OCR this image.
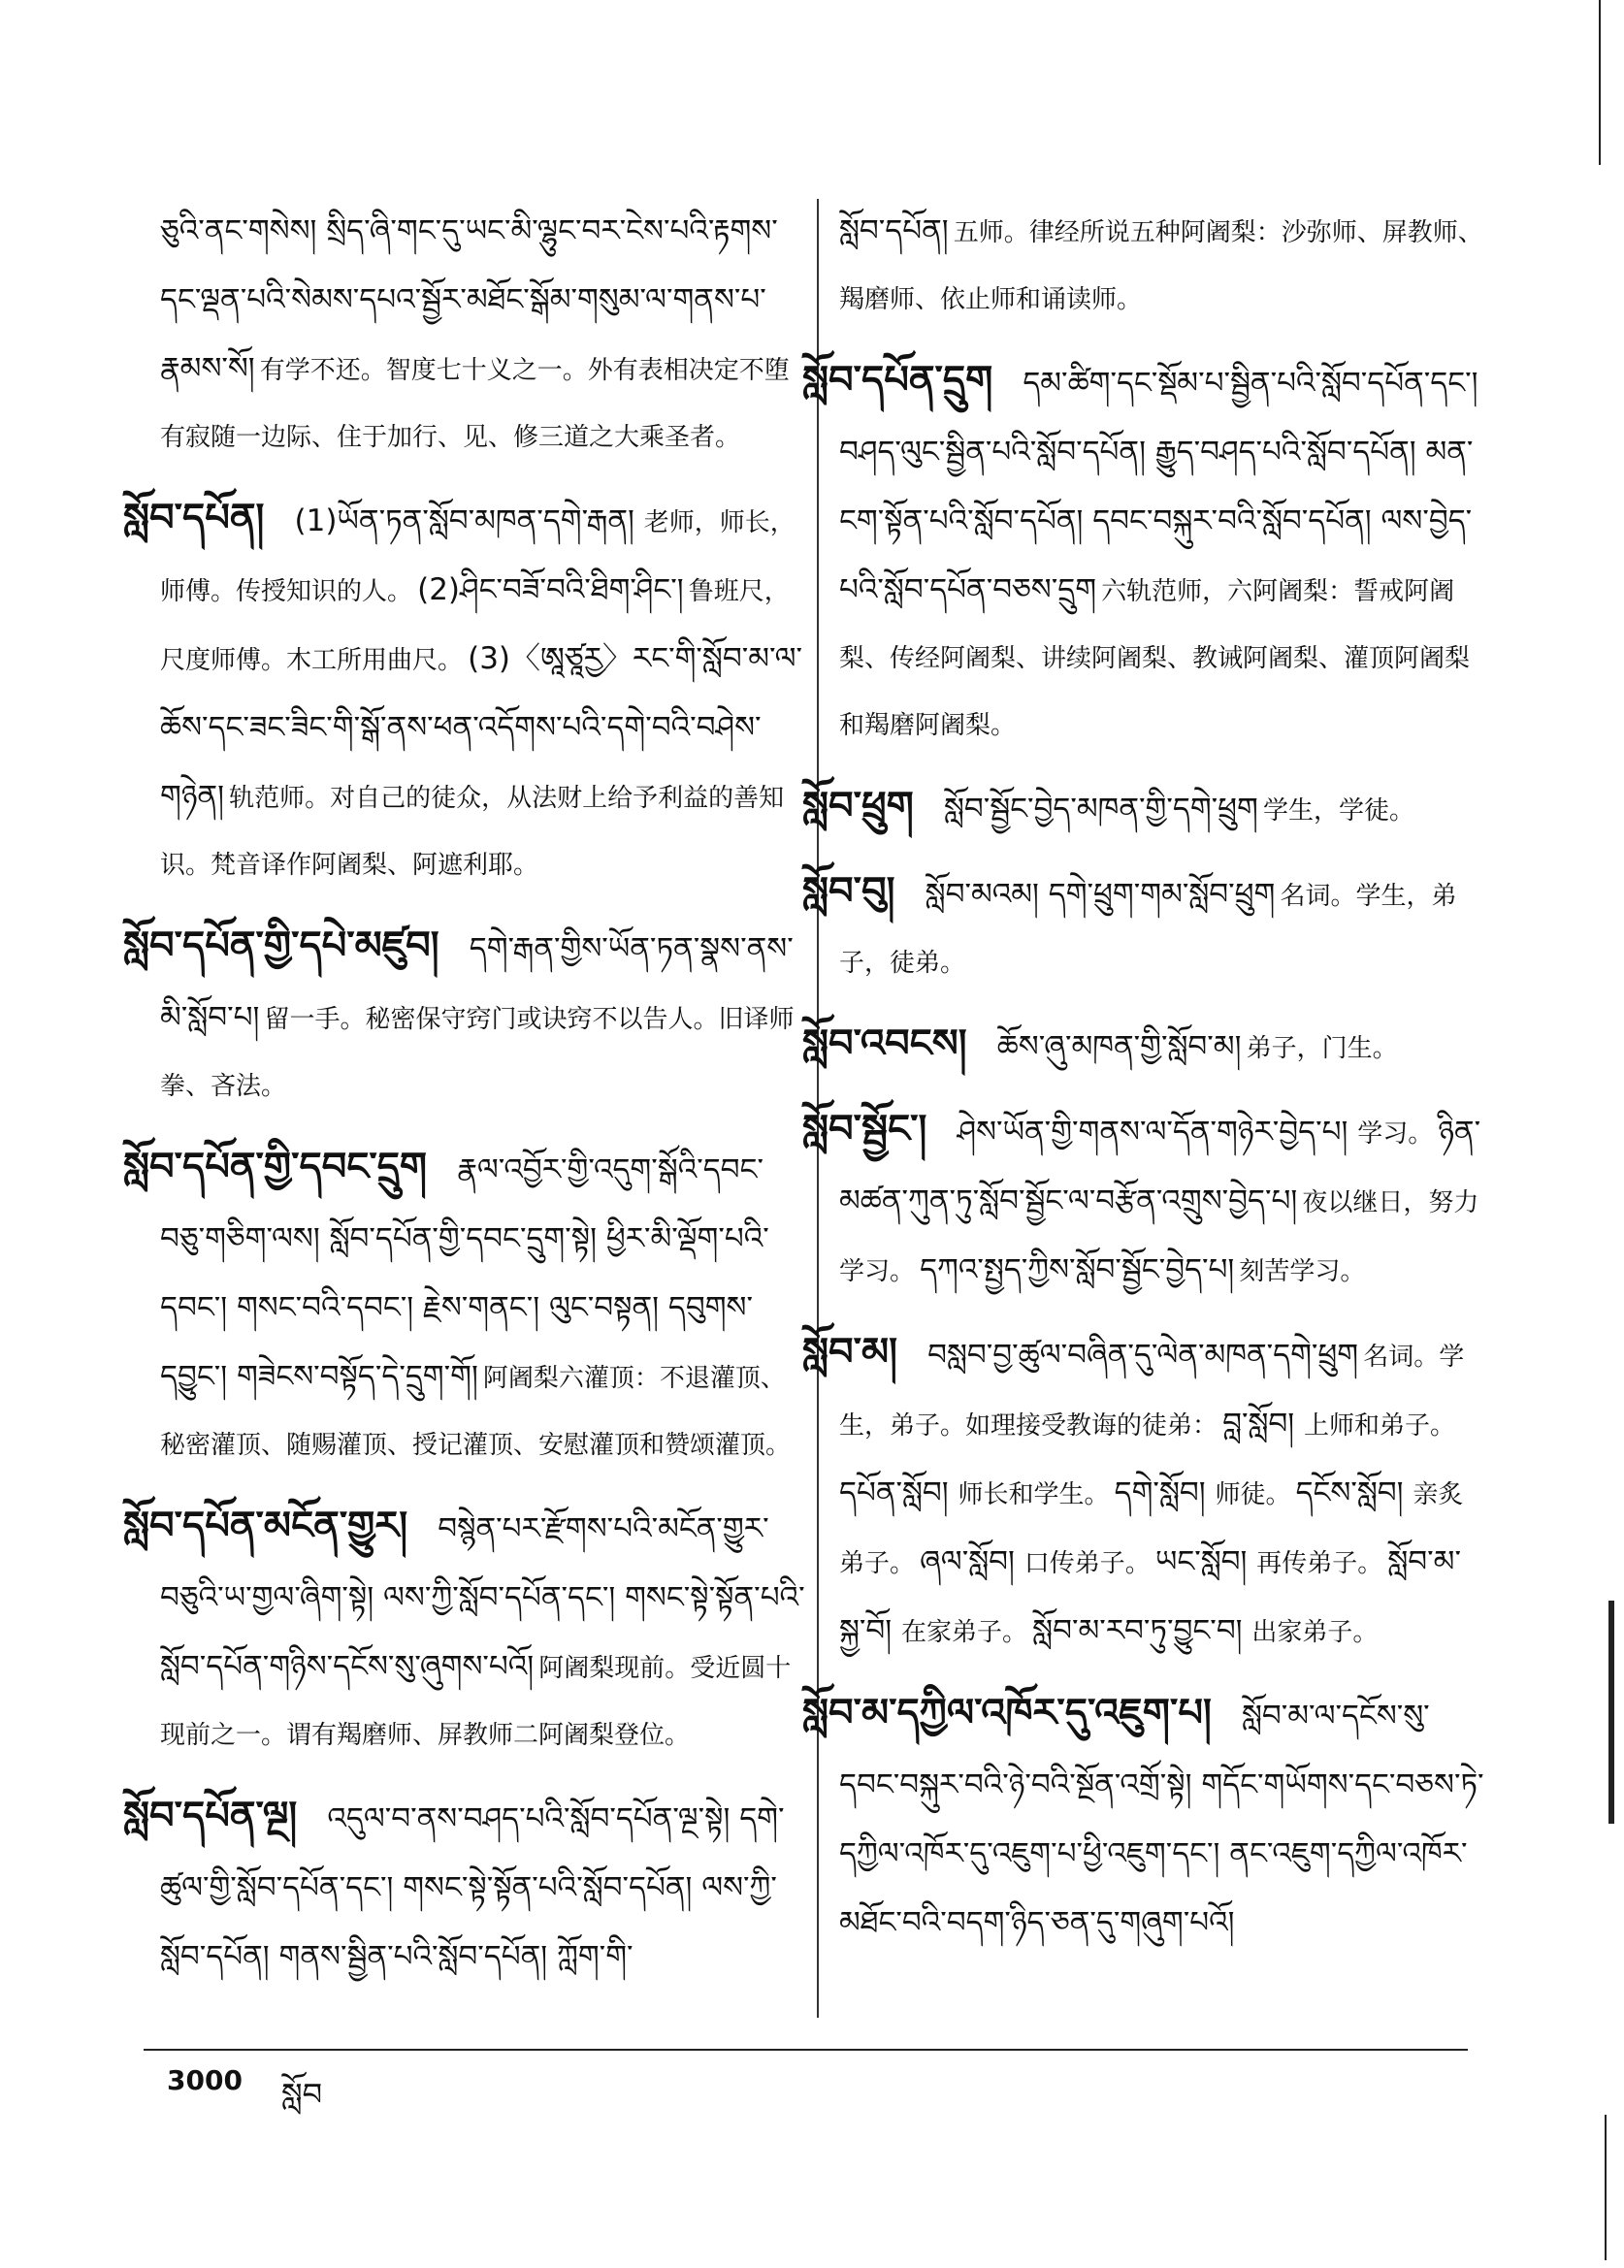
ཅུའི་ནང་གསེས། སྲིད་ཞི་གང་དུ་ཡང་མི་ལྷུང་བར་ངེས་པའི་རྟགས་དང་ལྡན་པའི་སེམས་དཔའ་སྦྱོར་མཐོང་སྒོམ་གསུམ་ལ་གནས་པ་རྣམས་སོ། 有学不还。智度七十义之一。外有表相决定不堕有寂随一边际、住于加行、见、修三道之大乘圣者。
སློབ་དཔོན། (1)ཡོན་ཏན་སློབ་མཁན་དགེ་རྒན། 老师，师长，师傅。传授知识的人。 (2)ཤིང་བཟོ་བའི་ཐིག་ཤིང་། 鲁班尺，尺度师傅。木工所用曲尺。 (3)〈ཨཱཙཱརྱ〉རང་གི་སློབ་མ་ལ་ཆོས་དང་ཟང་ཟིང་གི་སྒོ་ནས་ཕན་འདོགས་པའི་དགེ་བའི་བཤེས་གཉེན། 轨范师。对自己的徒众，从法财上给予利益的善知识。梵音译作阿阇梨、阿遮利耶。
སློབ་དཔོན་གྱི་དཔེ་མཛུབ། དགེ་རྒན་གྱིས་ཡོན་ཏན་སྣས་ནས་མི་སློབ་པ། 留一手。秘密保守窍门或诀窍不以告人。旧译师拳、吝法。
སློབ་དཔོན་གྱི་དབང་དྲུག རྣལ་འབྱོར་གྱི་འདུག་སྒོའི་དབང་བཅུ་གཅིག་ལས། སློབ་དཔོན་གྱི་དབང་དྲུག་སྟེ། ཕྱིར་མི་ལྡོག་པའི་དབང་། གསང་བའི་དབང་། རྗེས་གནང་། ལུང་བསྟན། དབུགས་དབྱུང་། གཟེངས་བསྟོད་དེ་དྲུག་གོ། 阿阇梨六灌顶：不退灌顶、秘密灌顶、随赐灌顶、授记灌顶、安慰灌顶和赞颂灌顶。
སློབ་དཔོན་མངོན་གྱུར། བསྙེན་པར་རྫོགས་པའི་མངོན་གྱུར་བཅུའི་ཡ་གྱལ་ཞིག་སྟེ། ལས་ཀྱི་སློབ་དཔོན་དང་། གསང་སྟེ་སྟོན་པའི་སློབ་དཔོན་གཉིས་དངོས་སུ་ཞུགས་པའོ། 阿阇梨现前。受近圆十现前之一。谓有羯磨师、屏教师二阿阇梨登位。
སློབ་དཔོན་ལྔ། འདུལ་བ་ནས་བཤད་པའི་སློབ་དཔོན་ལྔ་སྟེ། དགེ་ཚུལ་གྱི་སློབ་དཔོན་དང་། གསང་སྟེ་སྟོན་པའི་སློབ་དཔོན། ལས་ཀྱི་སློབ་དཔོན། གནས་སྦྱིན་པའི་སློབ་དཔོན། ཀློག་གི་
སློབ་དཔོན། 五师。律经所说五种阿阇梨：沙弥师、屏教师、羯磨师、依止师和诵读师。
སློབ་དཔོན་དྲུག དམ་ཚིག་དང་སྡོམ་པ་སྦྱིན་པའི་སློབ་དཔོན་དང་། བཤད་ལུང་སྦྱིན་པའི་སློབ་དཔོན། རྒྱུད་བཤད་པའི་སློབ་དཔོན། མན་ངག་སྟོན་པའི་སློབ་དཔོན། དབང་བསྐུར་བའི་སློབ་དཔོན། ལས་བྱེད་པའི་སློབ་དཔོན་བཅས་དྲུག 六轨范师，六阿阇梨：誓戒阿阇梨、传经阿阇梨、讲续阿阇梨、教诫阿阇梨、灌顶阿阇梨和羯磨阿阇梨。
སློབ་ཕྲུག སློབ་སྦྱོང་བྱེད་མཁན་གྱི་དགེ་ཕྲུག 学生，学徒。
སློབ་བུ། སློབ་མའམ། དགེ་ཕྲུག་གམ་སློབ་ཕྲུག 名词。学生，弟子，徒弟。
སློབ་འབངས། ཆོས་ཞུ་མཁན་གྱི་སློབ་མ། 弟子，门生。
སློབ་སྦྱོང་། ཤེས་ཡོན་གྱི་གནས་ལ་དོན་གཉེར་བྱེད་པ། 学习。 ཉིན་མཚན་ཀུན་ཏུ་སློབ་སྦྱོང་ལ་བརྩོན་འགྲུས་བྱེད་པ། 夜以继日，努力学习。 དཀའ་སྤྱད་ཀྱིས་སློབ་སྦྱོང་བྱེད་པ། 刻苦学习。
སློབ་མ། བསླབ་བྱ་ཚུལ་བཞིན་དུ་ལེན་མཁན་དགེ་ཕྲུག 名词。学生，弟子。如理接受教诲的徒弟： བླ་སློབ། 上师和弟子。 དཔོན་སློབ། 师长和学生。 དགེ་སློབ། 师徒。 དངོས་སློབ། 亲炙弟子。 ཞལ་སློབ། 口传弟子。 ཡང་སློབ། 再传弟子。 སློབ་མ་སྐྱ་བོ། 在家弟子。 སློབ་མ་རབ་ཏུ་བྱུང་བ། 出家弟子。
སློབ་མ་དཀྱིལ་འཁོར་དུ་འཇུག་པ། སློབ་མ་ལ་དངོས་སུ་དབང་བསྐུར་བའི་ཉེ་བའི་སྔོན་འགྲོ་སྟེ། གདོང་གཡོགས་དང་བཅས་ཏེ་དཀྱིལ་འཁོར་དུ་འཇུག་པ་ཕྱི་འཇུག་དང་། ནང་འཇུག་དཀྱིལ་འཁོར་མཐོང་བའི་བདག་ཉིད་ཅན་དུ་གཞུག་པའོ།
3000 སློབ
